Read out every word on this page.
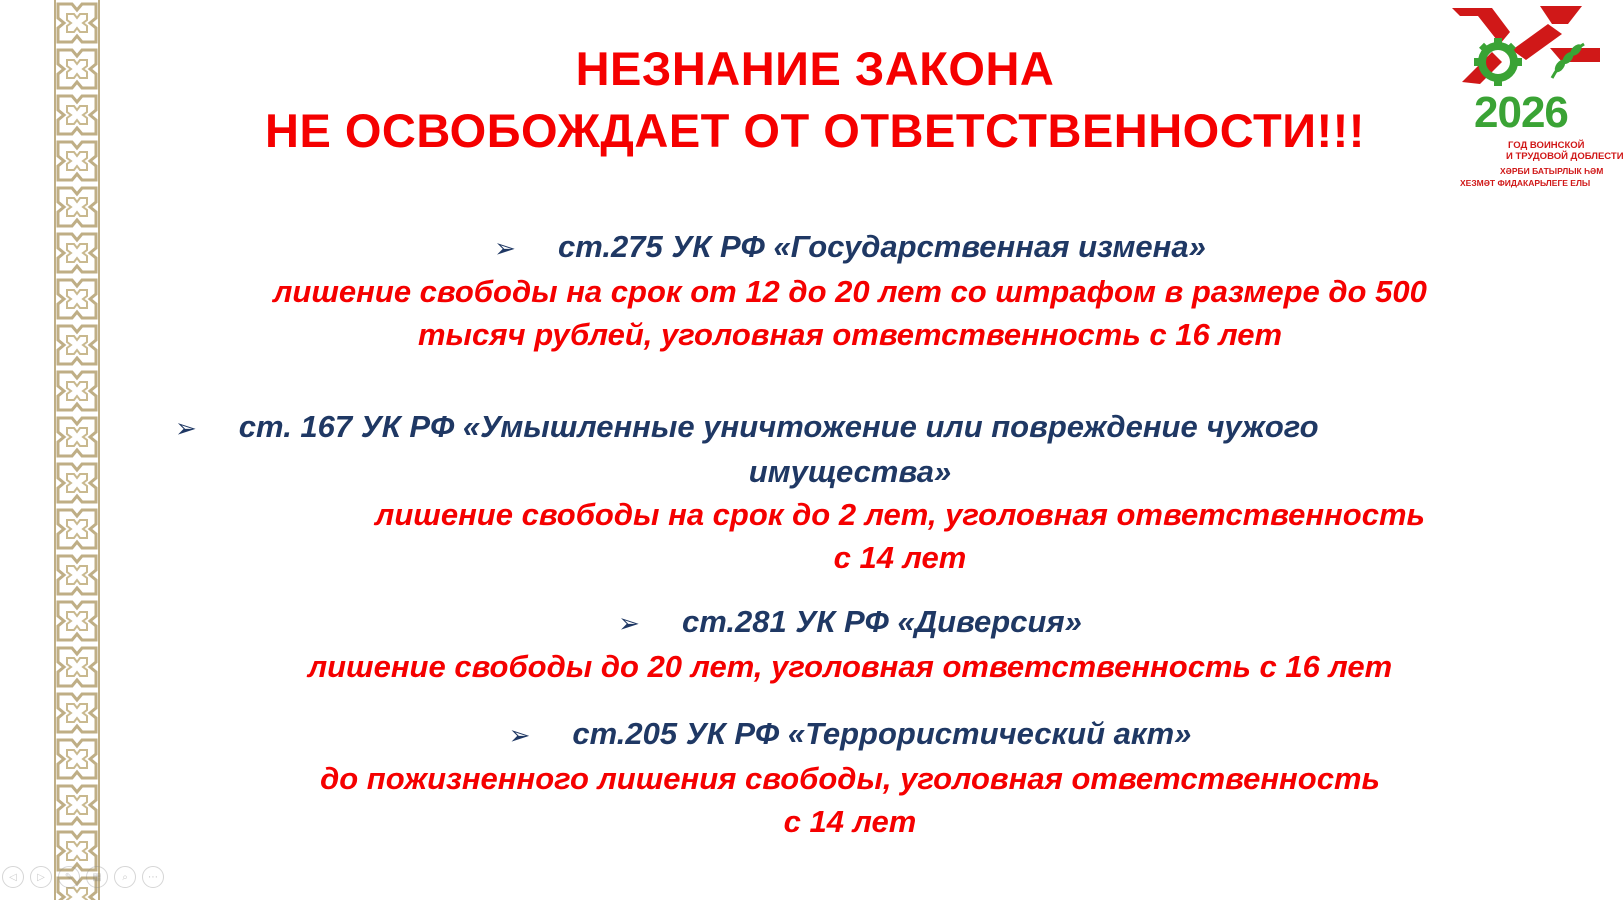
НЕЗНАНИЕ ЗАКОНА
НЕ ОСВОБОЖДАЕТ ОТ ОТВЕТСТВЕННОСТИ!!!	2026
ГОД ВОИНСКОЙ
И ТРУДОВОЙ ДОБЛЕСТИ
ХӘРБИ БАТЫРЛЫК ҺӘМ
ХЕЗМӘТ ФИДАКАРЬЛЕГЕ ЕЛЫ
➢ ст.275 УК РФ «Государственная измена»
лишение свободы на срок от 12 до 20 лет со штрафом в размере до 500
тысяч рублей, уголовная ответственность с 16 лет
➢ ст. 167 УК РФ «Умышленные уничтожение или повреждение чужого
имущества»
лишение свободы на срок до 2 лет, уголовная ответственность
с 14 лет
➢ ст.281 УК РФ «Диверсия»
лишение свободы до 20 лет, уголовная ответственность с 16 лет
➢ ст.205 УК РФ «Террористический акт»
до пожизненного лишения свободы, уголовная ответственность
с 14 лет
◁	▷	✎	▦	⌕	⋯
